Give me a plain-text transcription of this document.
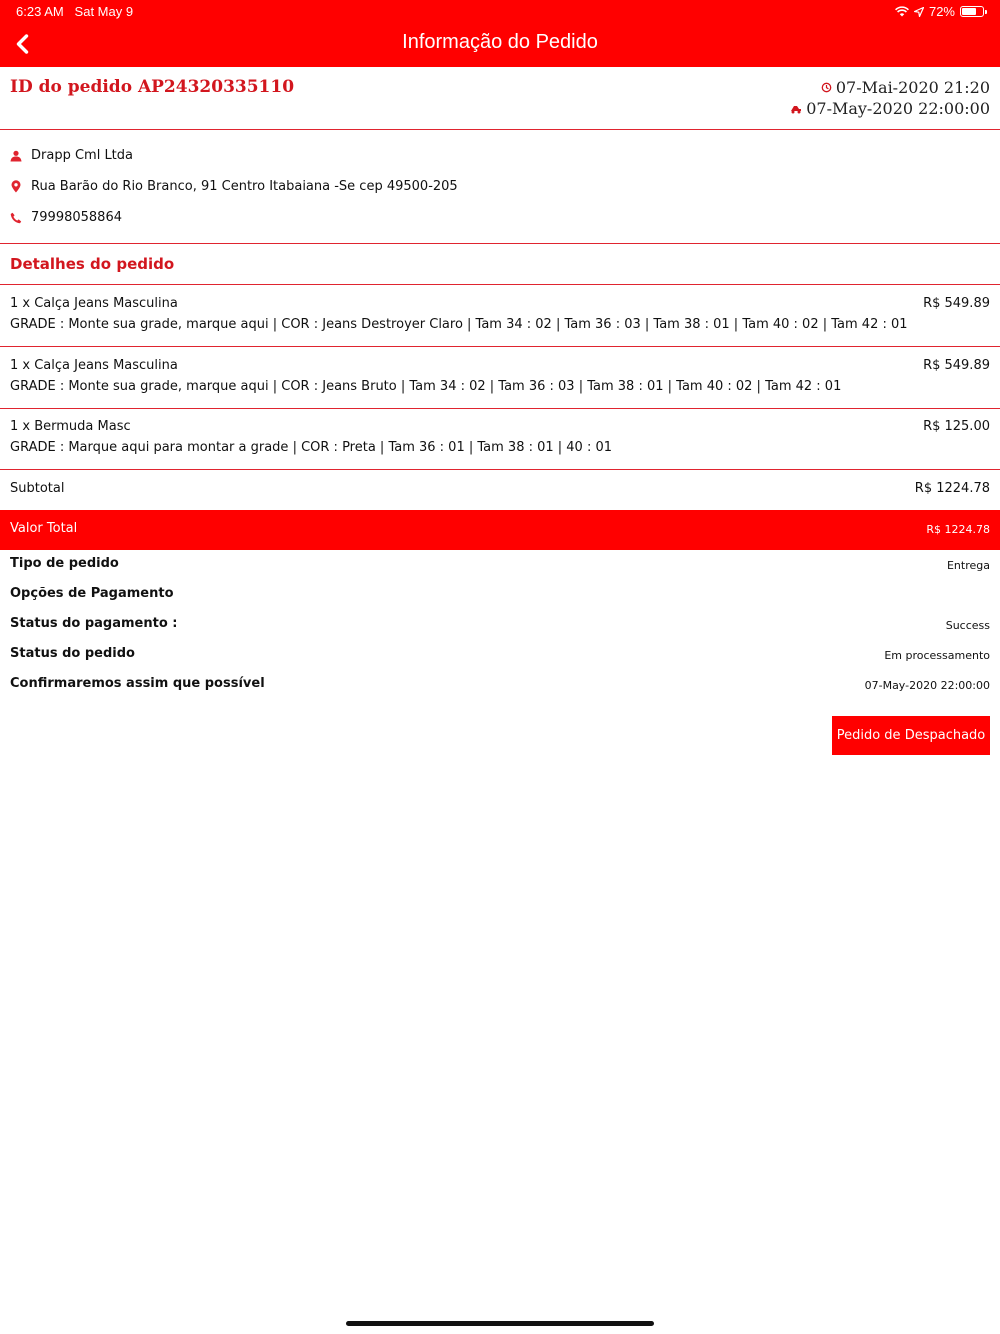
6:23 AM Sat May 9	72%
Informação do Pedido
ID do pedido AP24320335110	07-Mai-2020 21:20
07-May-2020 22:00:00
Drapp Cml Ltda
Rua Barão do Rio Branco, 91 Centro Itabaiana -Se cep 49500-205
79998058864
Detalhes do pedido
1 x Calça Jeans Masculina	R$ 549.89
GRADE : Monte sua grade, marque aqui | COR : Jeans Destroyer Claro | Tam 34 : 02 | Tam 36 : 03 | Tam 38 : 01 | Tam 40 : 02 | Tam 42 : 01
1 x Calça Jeans Masculina	R$ 549.89
GRADE : Monte sua grade, marque aqui | COR : Jeans Bruto | Tam 34 : 02 | Tam 36 : 03 | Tam 38 : 01 | Tam 40 : 02 | Tam 42 : 01
1 x Bermuda Masc	R$ 125.00
GRADE : Marque aqui para montar a grade | COR : Preta | Tam 36 : 01 | Tam 38 : 01 | 40 : 01
Subtotal	R$ 1224.78
Valor Total	R$ 1224.78
Tipo de pedido	Entrega
Opções de Pagamento
Status do pagamento :	Success
Status do pedido	Em processamento
Confirmaremos assim que possível	07-May-2020 22:00:00
Pedido de Despachado
